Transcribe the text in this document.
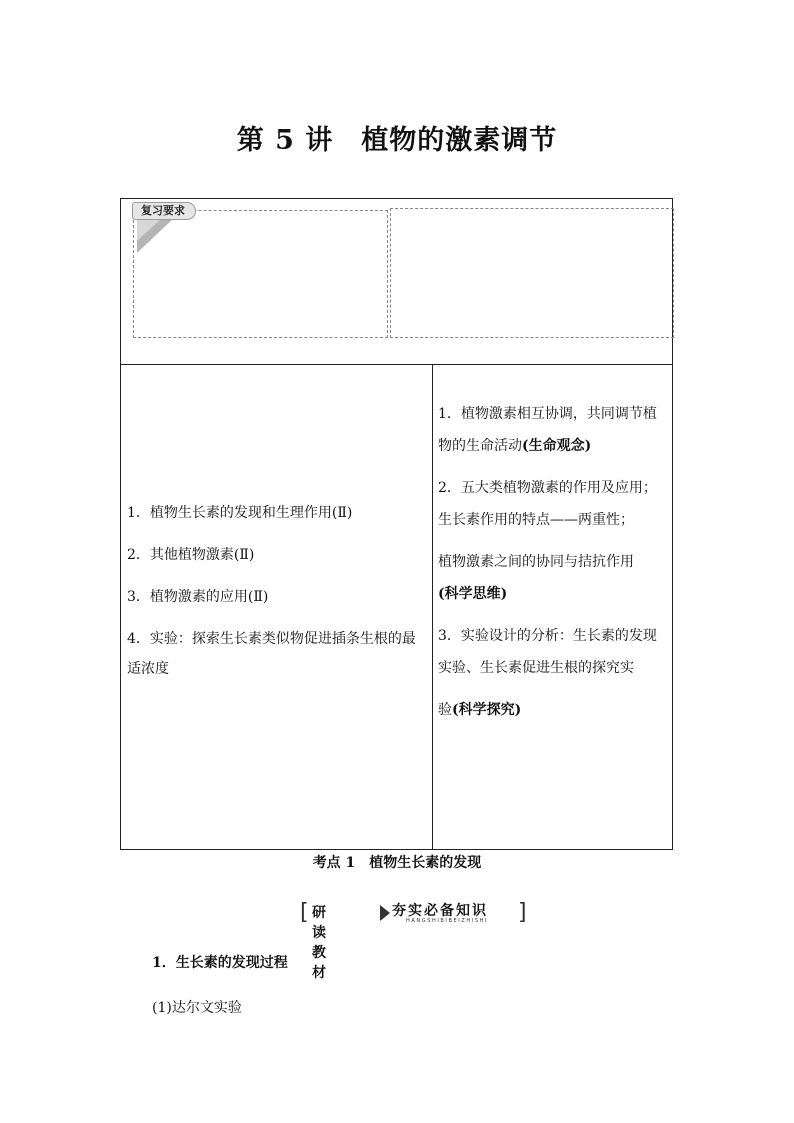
第 5 讲　植物的激素调节
复习要求

1．植物生长素的发现和生理作用(Ⅱ)

2．其他植物激素(Ⅱ)

3．植物激素的应用(Ⅱ)

4．实验：探索生长素类似物促进插条生根的最适浓度

1．植物激素相互协调，共同调节植物的生命活动(生命观念)

2．五大类植物激素的作用及应用；生长素作用的特点——两重性；

植物激素之间的协同与拮抗作用
(科学思维)

3．实验设计的分析：生长素的发现实验、生长素促进生根的探究实

验(科学探究)

考点 1　植物生长素的发现
[ 研读教材
夯实必备知识
HANGSHIBIBEIZHISHI ]
1．生长素的发现过程
(1)达尔文实验
